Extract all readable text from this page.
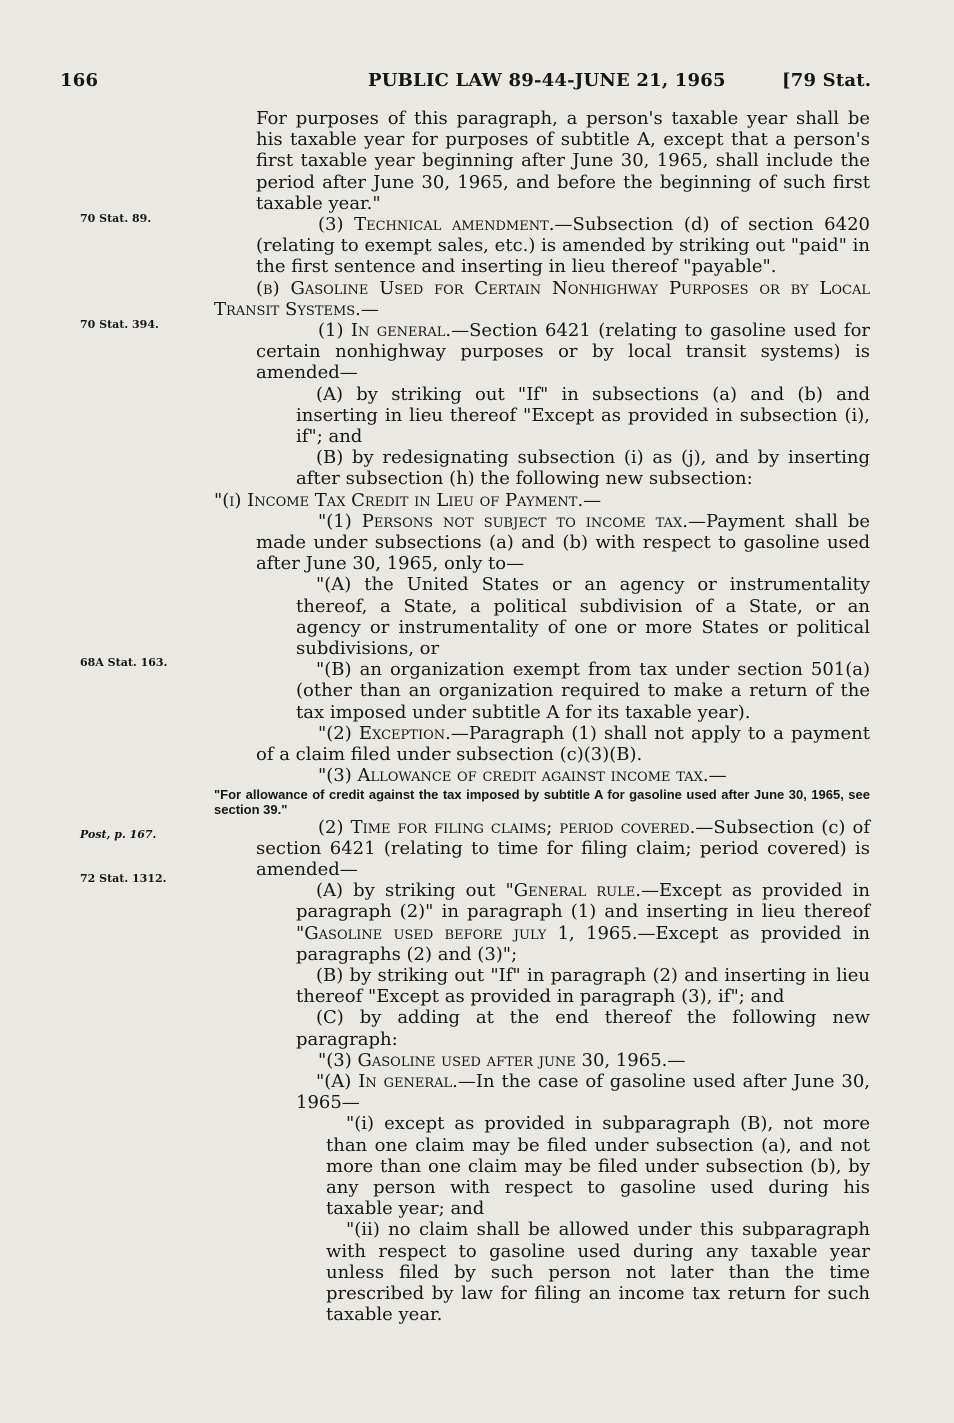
166	PUBLIC LAW 89-44-JUNE 21, 1965	[79 Stat.
70 Stat. 89.
70 Stat. 394.
68A Stat. 163.
Post, p. 167.
72 Stat. 1312.

For purposes of this paragraph, a person's taxable year shall be his taxable year for purposes of subtitle A, except that a person's first taxable year beginning after June 30, 1965, shall include the period after June 30, 1965, and before the beginning of such first taxable year."

(3) Technical amendment.—Subsection (d) of section 6420 (relating to exempt sales, etc.) is amended by striking out "paid" in the first sentence and inserting in lieu thereof "payable".

(b) Gasoline Used for Certain Nonhighway Purposes or by Local Transit Systems.—

(1) In general.—Section 6421 (relating to gasoline used for certain nonhighway purposes or by local transit systems) is amended—

(A) by striking out "If" in subsections (a) and (b) and inserting in lieu thereof "Except as provided in subsection (i), if"; and

(B) by redesignating subsection (i) as (j), and by inserting after subsection (h) the following new subsection:

"(i) Income Tax Credit in Lieu of Payment.—

"(1) Persons not subject to income tax.—Payment shall be made under subsections (a) and (b) with respect to gasoline used after June 30, 1965, only to—

"(A) the United States or an agency or instrumentality thereof, a State, a political subdivision of a State, or an agency or instrumentality of one or more States or political subdivisions, or

"(B) an organization exempt from tax under section 501(a) (other than an organization required to make a return of the tax imposed under subtitle A for its taxable year).

"(2) Exception.—Paragraph (1) shall not apply to a payment of a claim filed under subsection (c)(3)(B).

"(3) Allowance of credit against income tax.—

"For allowance of credit against the tax imposed by subtitle A for gasoline used after June 30, 1965, see section 39."

(2) Time for filing claims; period covered.—Subsection (c) of section 6421 (relating to time for filing claim; period covered) is amended—

(A) by striking out "General rule.—Except as provided in paragraph (2)" in paragraph (1) and inserting in lieu thereof "Gasoline used before july 1, 1965.—Except as provided in paragraphs (2) and (3)";

(B) by striking out "If" in paragraph (2) and inserting in lieu thereof "Except as provided in paragraph (3), if"; and

(C) by adding at the end thereof the following new paragraph:

"(3) Gasoline used after june 30, 1965.—

"(A) In general.—In the case of gasoline used after June 30, 1965—

"(i) except as provided in subparagraph (B), not more than one claim may be filed under subsection (a), and not more than one claim may be filed under subsection (b), by any person with respect to gasoline used during his taxable year; and

"(ii) no claim shall be allowed under this subparagraph with respect to gasoline used during any taxable year unless filed by such person not later than the time prescribed by law for filing an income tax return for such taxable year.
